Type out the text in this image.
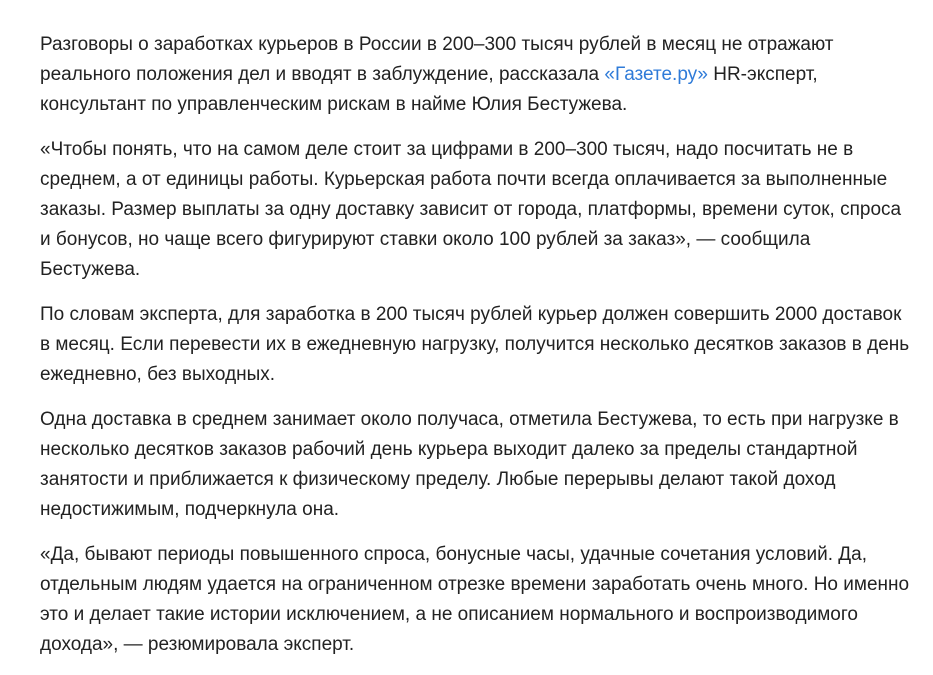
Разговоры о заработках курьеров в России в 200–300 тысяч рублей в месяц не отражают реального положения дел и вводят в заблуждение, рассказала «Газете.ру» HR-эксперт, консультант по управленческим рискам в найме Юлия Бестужева.

«Чтобы понять, что на самом деле стоит за цифрами в 200–300 тысяч, надо посчитать не в среднем, а от единицы работы. Курьерская работа почти всегда оплачивается за выполненные заказы. Размер выплаты за одну доставку зависит от города, платформы, времени суток, спроса и бонусов, но чаще всего фигурируют ставки около 100 рублей за заказ», — сообщила Бестужева.

По словам эксперта, для заработка в 200 тысяч рублей курьер должен совершить 2000 доставок в месяц. Если перевести их в ежедневную нагрузку, получится несколько десятков заказов в день ежедневно, без выходных.

Одна доставка в среднем занимает около получаса, отметила Бестужева, то есть при нагрузке в несколько десятков заказов рабочий день курьера выходит далеко за пределы стандартной занятости и приближается к физическому пределу. Любые перерывы делают такой доход недостижимым, подчеркнула она.

«Да, бывают периоды повышенного спроса, бонусные часы, удачные сочетания условий. Да, отдельным людям удается на ограниченном отрезке времени заработать очень много. Но именно это и делает такие истории исключением, а не описанием нормального и воспроизводимого дохода», — резюмировала эксперт.
